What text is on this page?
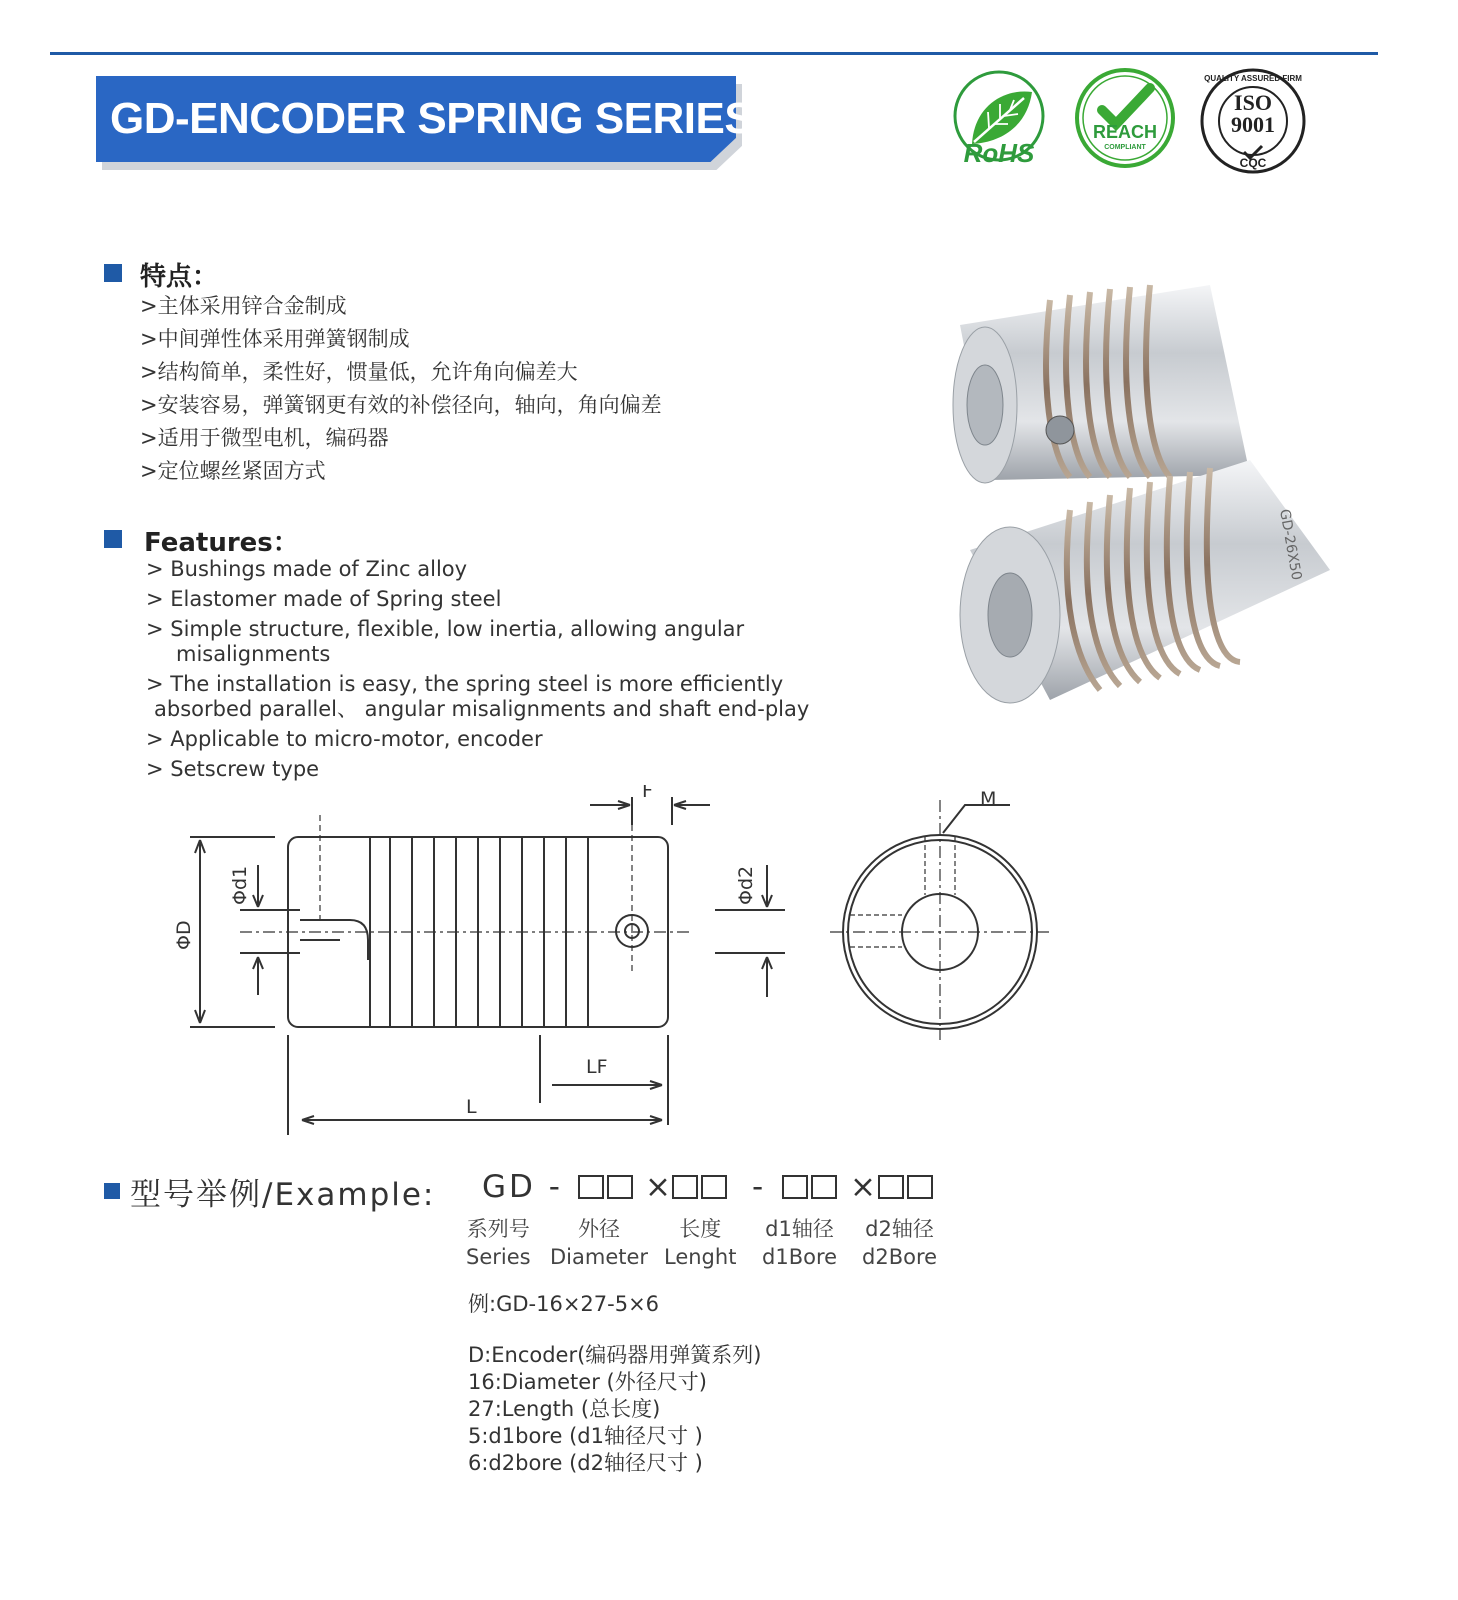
GD-ENCODER SPRING SERIES
RoHS
REACH
COMPLIANT
QUALITY ASSURED FIRM
ISO
9001
CQC
特点：
>主体采用锌合金制成
>中间弹性体采用弹簧钢制成
>结构简单，柔性好，惯量低，允许角向偏差大
>安装容易，弹簧钢更有效的补偿径向，轴向，角向偏差
>适用于微型电机，编码器
>定位螺丝紧固方式
Features：
> Bushings made of Zinc alloy
> Elastomer made of Spring steel
> Simple structure, flexible, low inertia, allowing angular
misalignments
> The installation is easy, the spring steel is more efficiently
absorbed parallel、 angular misalignments and shaft end-play
> Applicable to micro-motor, encoder
> Setscrew type
GD-26X50
F	M
ΦD
Φd1	Φd2
LF
L
型号举例/Example: GD -	×	-	×
系列号
Series
外径
Diameter
长度
Lenght
d1轴径
d1Bore
d2轴径
d2Bore
例:GD-16×27-5×6
D:Encoder(编码器用弹簧系列)
16:Diameter (外径尺寸)
27:Length (总长度)
5:d1bore (d1轴径尺寸 )
6:d2bore (d2轴径尺寸 )
